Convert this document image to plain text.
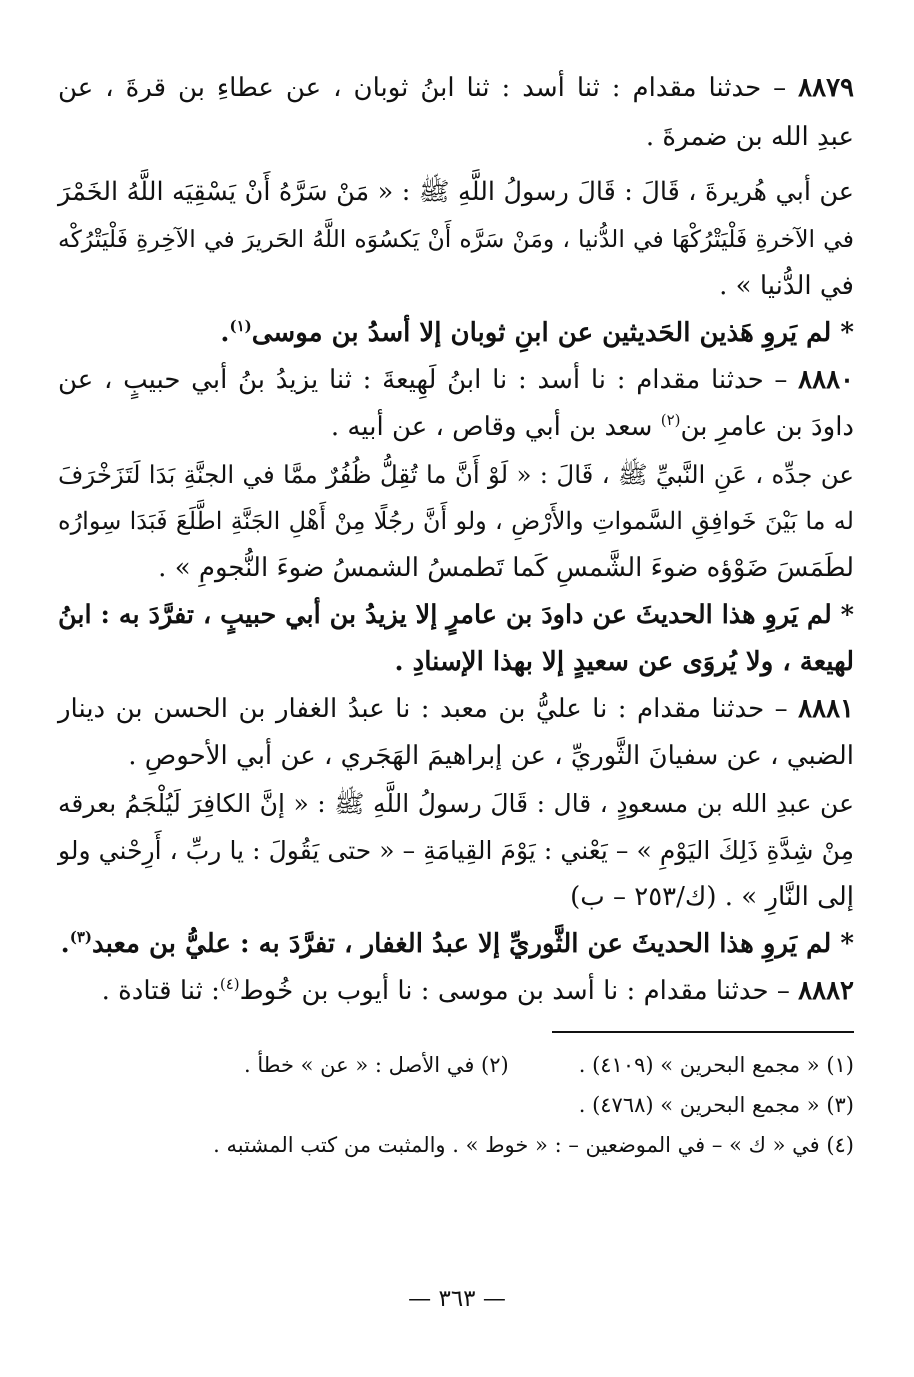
٨٨٧٩ – حدثنا مقدام : ثنا أسد : ثنا ابنُ ثوبان ، عن عطاءِ بن قرةَ ، عن

عبدِ الله بن ضمرةَ .

عن أبي هُريرةَ ، قَالَ : قَالَ رسولُ اللَّهِ ﷺ : « مَنْ سَرَّهُ أَنْ يَسْقِيَه اللَّهُ الخَمْرَ

في الآخرةِ فَلْيَتْرُكْهَا في الدُّنيا ، ومَنْ سَرَّه أَنْ يَكسُوَه اللَّهُ الحَريرَ في الآخِرةِ فَلْيَتْرُكْه

في الدُّنيا » .

* لم يَروِ هَذين الحَديثين عن ابنِ ثوبان إلا أسدُ بن موسى$^{(١)}$.

٨٨٨٠ – حدثنا مقدام : نا أسد : نا ابنُ لَهِيعةَ : ثنا يزيدُ بنُ أبي حبيبٍ ، عن

داودَ بن عامرِ بن$^{(٢)}$ سعد بن أبي وقاص ، عن أبيه .

عن جدِّه ، عَنِ النَّبيِّ ﷺ ، قَالَ : « لَوْ أَنَّ ما تُقِلُّ ظُفُرٌ ممَّا في الجنَّةِ بَدَا لَتَزَخْرَفَ

له ما بَيْنَ خَوافِقِ السَّمواتِ والأَرْضِ ، ولو أَنَّ رجُلًا مِنْ أَهْلِ الجَنَّةِ اطَّلَعَ فَبَدَا سِوارُه

لطَمَسَ ضَوْؤه ضوءَ الشَّمسِ كَما تَطمسُ الشمسُ ضوءَ النُّجومِ » .

* لم يَروِ هذا الحديثَ عن داودَ بن عامرٍ إلا يزيدُ بن أبي حبيبٍ ، تفرَّدَ به : ابنُ

لهيعة ، ولا يُروَى عن سعيدٍ إلا بهذا الإسنادِ .

٨٨٨١ – حدثنا مقدام : نا عليُّ بن معبد : نا عبدُ الغفار بن الحسن بن دينار

الضبي ، عن سفيانَ الثَّوريِّ ، عن إبراهيمَ الهَجَري ، عن أبي الأحوصِ .

عن عبدِ الله بن مسعودٍ ، قال : قَالَ رسولُ اللَّهِ ﷺ : « إنَّ الكافِرَ لَيُلْجَمُ بعرقه

مِنْ شِدَّةِ ذَلِكَ اليَوْمِ » – يَعْني : يَوْمَ القِيامَةِ – « حتى يَقُولَ : يا ربِّ ، أَرِحْني ولو

إلى النَّارِ » . (ك/٢٥٣ – ب)

* لم يَروِ هذا الحديثَ عن الثَّوريِّ إلا عبدُ الغفار ، تفرَّدَ به : عليُّ بن معبد$^{(٣)}$.

٨٨٨٢ – حدثنا مقدام : نا أسد بن موسى : نا أيوب بن خُوط$^{(٤)}$: ثنا قتادة .

(١) « مجمع البحرين » (٤١٠٩) .(٢) في الأصل : « عن » خطأ .

(٣) « مجمع البحرين » (٤٧٦٨) .

(٤) في « ك » – في الموضعين – : « خوط » . والمثبت من كتب المشتبه .

— ٣٦٣ —
